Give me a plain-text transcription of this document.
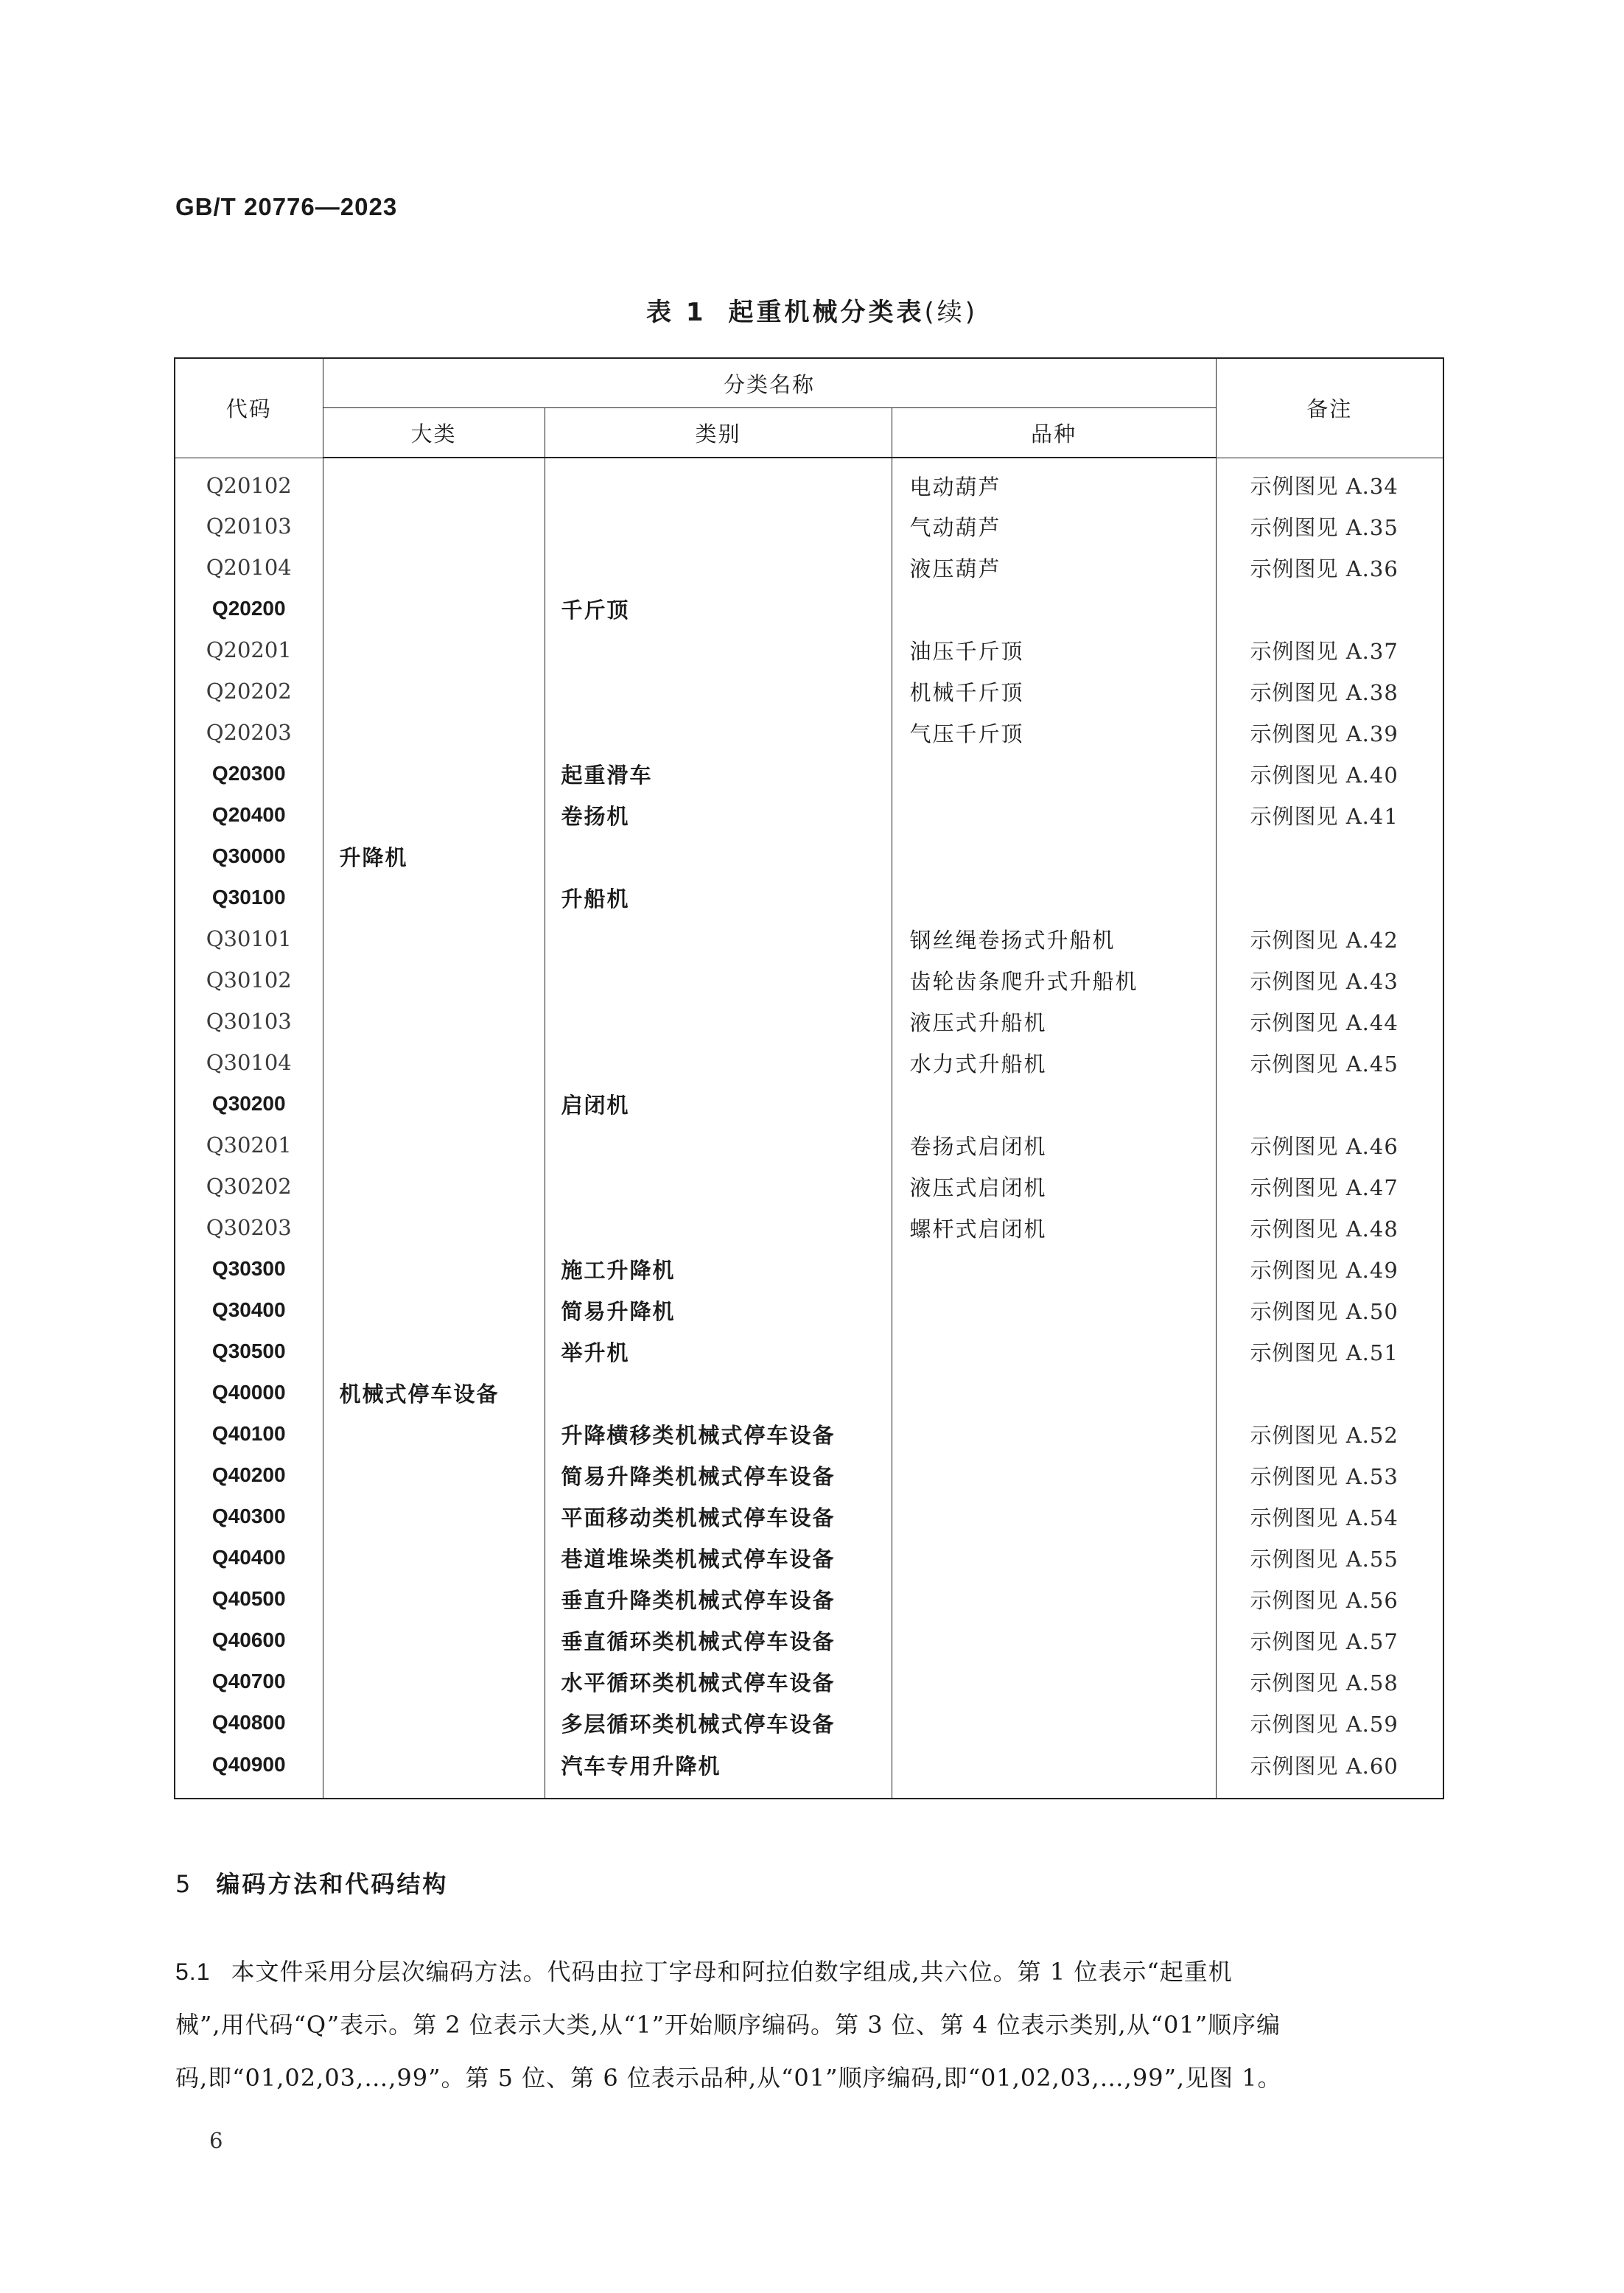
GB/T 20776—2023
表 1 起重机械分类表(续)
代码	分类名称			备注
	大类	类别	品种	
Q20102			电动葫芦	示例图见 A.34
Q20103			气动葫芦	示例图见 A.35
Q20104			液压葫芦	示例图见 A.36
Q20200		千斤顶		
Q20201			油压千斤顶	示例图见 A.37
Q20202			机械千斤顶	示例图见 A.38
Q20203			气压千斤顶	示例图见 A.39
Q20300		起重滑车		示例图见 A.40
Q20400		卷扬机		示例图见 A.41
Q30000	升降机			
Q30100		升船机		
Q30101			钢丝绳卷扬式升船机	示例图见 A.42
Q30102			齿轮齿条爬升式升船机	示例图见 A.43
Q30103			液压式升船机	示例图见 A.44
Q30104			水力式升船机	示例图见 A.45
Q30200		启闭机		
Q30201			卷扬式启闭机	示例图见 A.46
Q30202			液压式启闭机	示例图见 A.47
Q30203			螺杆式启闭机	示例图见 A.48
Q30300		施工升降机		示例图见 A.49
Q30400		简易升降机		示例图见 A.50
Q30500		举升机		示例图见 A.51
Q40000	机械式停车设备			
Q40100		升降横移类机械式停车设备		示例图见 A.52
Q40200		简易升降类机械式停车设备		示例图见 A.53
Q40300		平面移动类机械式停车设备		示例图见 A.54
Q40400		巷道堆垛类机械式停车设备		示例图见 A.55
Q40500		垂直升降类机械式停车设备		示例图见 A.56
Q40600		垂直循环类机械式停车设备		示例图见 A.57
Q40700		水平循环类机械式停车设备		示例图见 A.58
Q40800		多层循环类机械式停车设备		示例图见 A.59
Q40900		汽车专用升降机		示例图见 A.60
5 编码方法和代码结构
5.1 本文件采用分层次编码方法。代码由拉丁字母和阿拉伯数字组成,共六位。第 1 位表示“起重机
械”,用代码“Q”表示。第 2 位表示大类,从“1”开始顺序编码。第 3 位、第 4 位表示类别,从“01”顺序编
码,即“01,02,03,…,99”。第 5 位、第 6 位表示品种,从“01”顺序编码,即“01,02,03,…,99”,见图 1。
6
